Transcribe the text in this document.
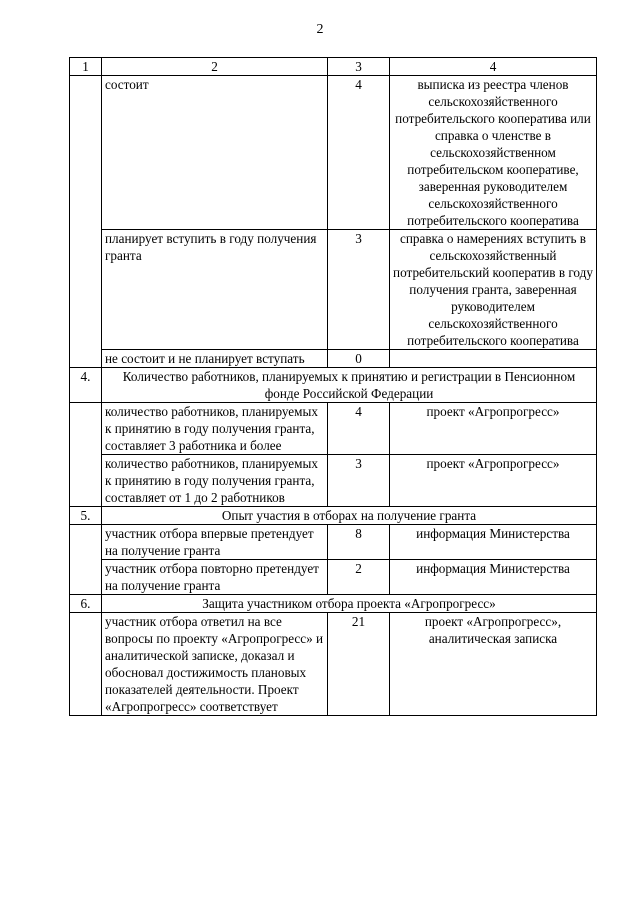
2
1	2	3	4
	состоит	4	выписка из реестра членов сельскохозяйственного потребительского кооператива или справка о членстве в сельскохозяйственном потребительском кооперативе, заверенная руководителем сельскохозяйственного потребительского кооператива
	планирует вступить в году получения гранта	3	справка о намерениях вступить в сельскохозяйственный потребительский кооператив в году получения гранта, заверенная руководителем сельскохозяйственного потребительского кооператива
	не состоит и не планирует вступать	0	
4.	Количество работников, планируемых к принятию и регистрации в Пенсионном фонде Российской Федерации		
	количество работников, планируемых к принятию в году получения гранта, составляет 3 работника и более	4	проект «Агропрогресс»
	количество работников, планируемых к принятию в году получения гранта, составляет от 1 до 2 работников	3	проект «Агропрогресс»
5.	Опыт участия в отборах на получение гранта		
	участник отбора впервые претендует на получение гранта	8	информация Министерства
	участник отбора повторно претендует на получение гранта	2	информация Министерства
6.	Защита участником отбора проекта «Агропрогресс»		
	участник отбора ответил на все вопросы по проекту «Агропрогресс» и аналитической записке, доказал и обосновал достижимость плановых показателей деятельности. Проект «Агропрогресс» соответствует	21	проект «Агропрогресс», аналитическая записка
